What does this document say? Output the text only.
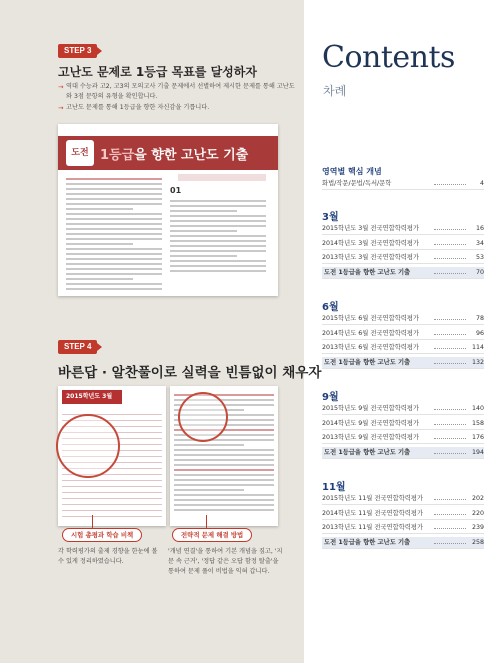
STEP 3
고난도 문제로 1등급 목표를 달성하자
→ 역대 수능과 고2, 고3의 모의고사 기출 문제에서 선별하여 제시한 문제를 통해 고난도와 3점 문항의 유형을 확인합니다.
→ 고난도 문제를 통해 1등급을 향한 자신감을 기릅니다.
도전 1등급을 향한 고난도 기출
01
STEP 4
바른답 · 알찬풀이로 실력을 빈틈없이 채우자
2015학년도 3월
시험 총평과 학습 비책
각 학력평가의 출제 경향을 한눈에 볼 수 있게 정리하였습니다.
전략적 문제 해결 방법
'개념 연결'을 통하여 기본 개념을 짚고, '지문 속 근거', '정답 같은 오답 함정 탈출'을 통하여 문제 풀이 비법을 익혀 갑니다.
Contents
차례
영역별 핵심 개념
화법/작문/문법/독서/문학	4
3월
2015학년도 3월 전국연합학력평가	16
2014학년도 3월 전국연합학력평가	34
2013학년도 3월 전국연합학력평가	53
도전 1등급을 향한 고난도 기출	70
6월
2015학년도 6월 전국연합학력평가	78
2014학년도 6월 전국연합학력평가	96
2013학년도 6월 전국연합학력평가	114
도전 1등급을 향한 고난도 기출	132
9월
2015학년도 9월 전국연합학력평가	140
2014학년도 9월 전국연합학력평가	158
2013학년도 9월 전국연합학력평가	176
도전 1등급을 향한 고난도 기출	194
11월
2015학년도 11월 전국연합학력평가	202
2014학년도 11월 전국연합학력평가	220
2013학년도 11월 전국연합학력평가	239
도전 1등급을 향한 고난도 기출	258
